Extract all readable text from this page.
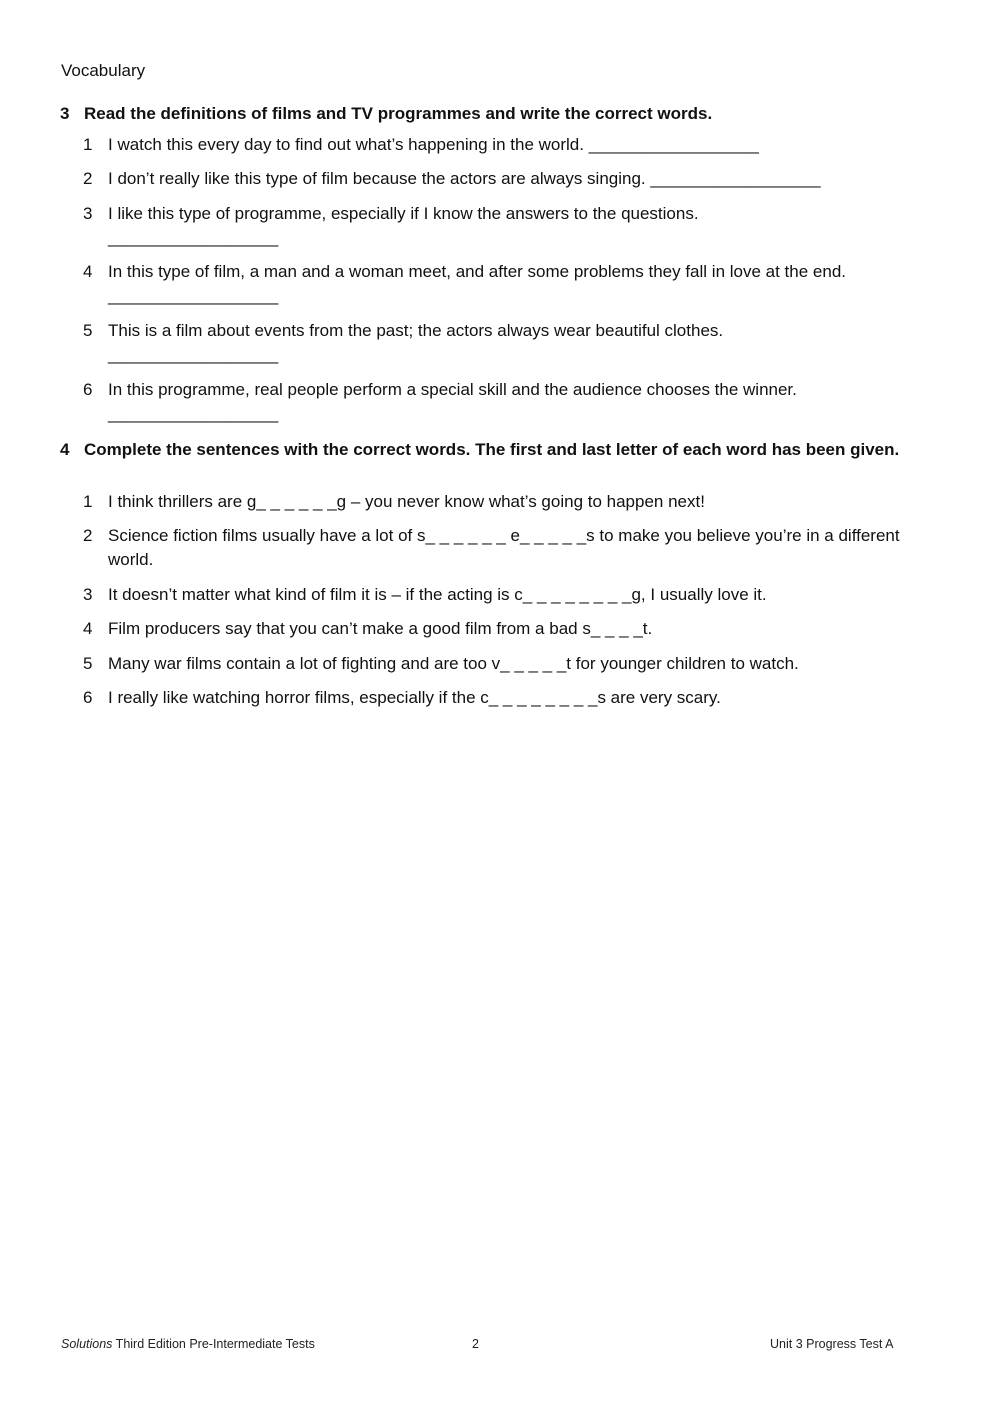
Vocabulary
3 Read the definitions of films and TV programmes and write the correct words.
1 I watch this every day to find out what’s happening in the world. __________________
2 I don’t really like this type of film because the actors are always singing. __________________
3 I like this type of programme, especially if I know the answers to the questions.
__________________
4 In this type of film, a man and a woman meet, and after some problems they fall in love at the end.
__________________
5 This is a film about events from the past; the actors always wear beautiful clothes.
__________________
6 In this programme, real people perform a special skill and the audience chooses the winner.
__________________
4 Complete the sentences with the correct words. The first and last letter of each word has been given.
1 I think thrillers are g_ _ _ _ _ _g – you never know what’s going to happen next!
2 Science fiction films usually have a lot of s_ _ _ _ _ _ e_ _ _ _ _s to make you believe you’re in a different world.
3 It doesn’t matter what kind of film it is – if the acting is c_ _ _ _ _ _ _ _g, I usually love it.
4 Film producers say that you can’t make a good film from a bad s_ _ _ _t.
5 Many war films contain a lot of fighting and are too v_ _ _ _ _t for younger children to watch.
6 I really like watching horror films, especially if the c_ _ _ _ _ _ _ _s are very scary.
Solutions Third Edition Pre-Intermediate Tests	2	Unit 3 Progress Test A
